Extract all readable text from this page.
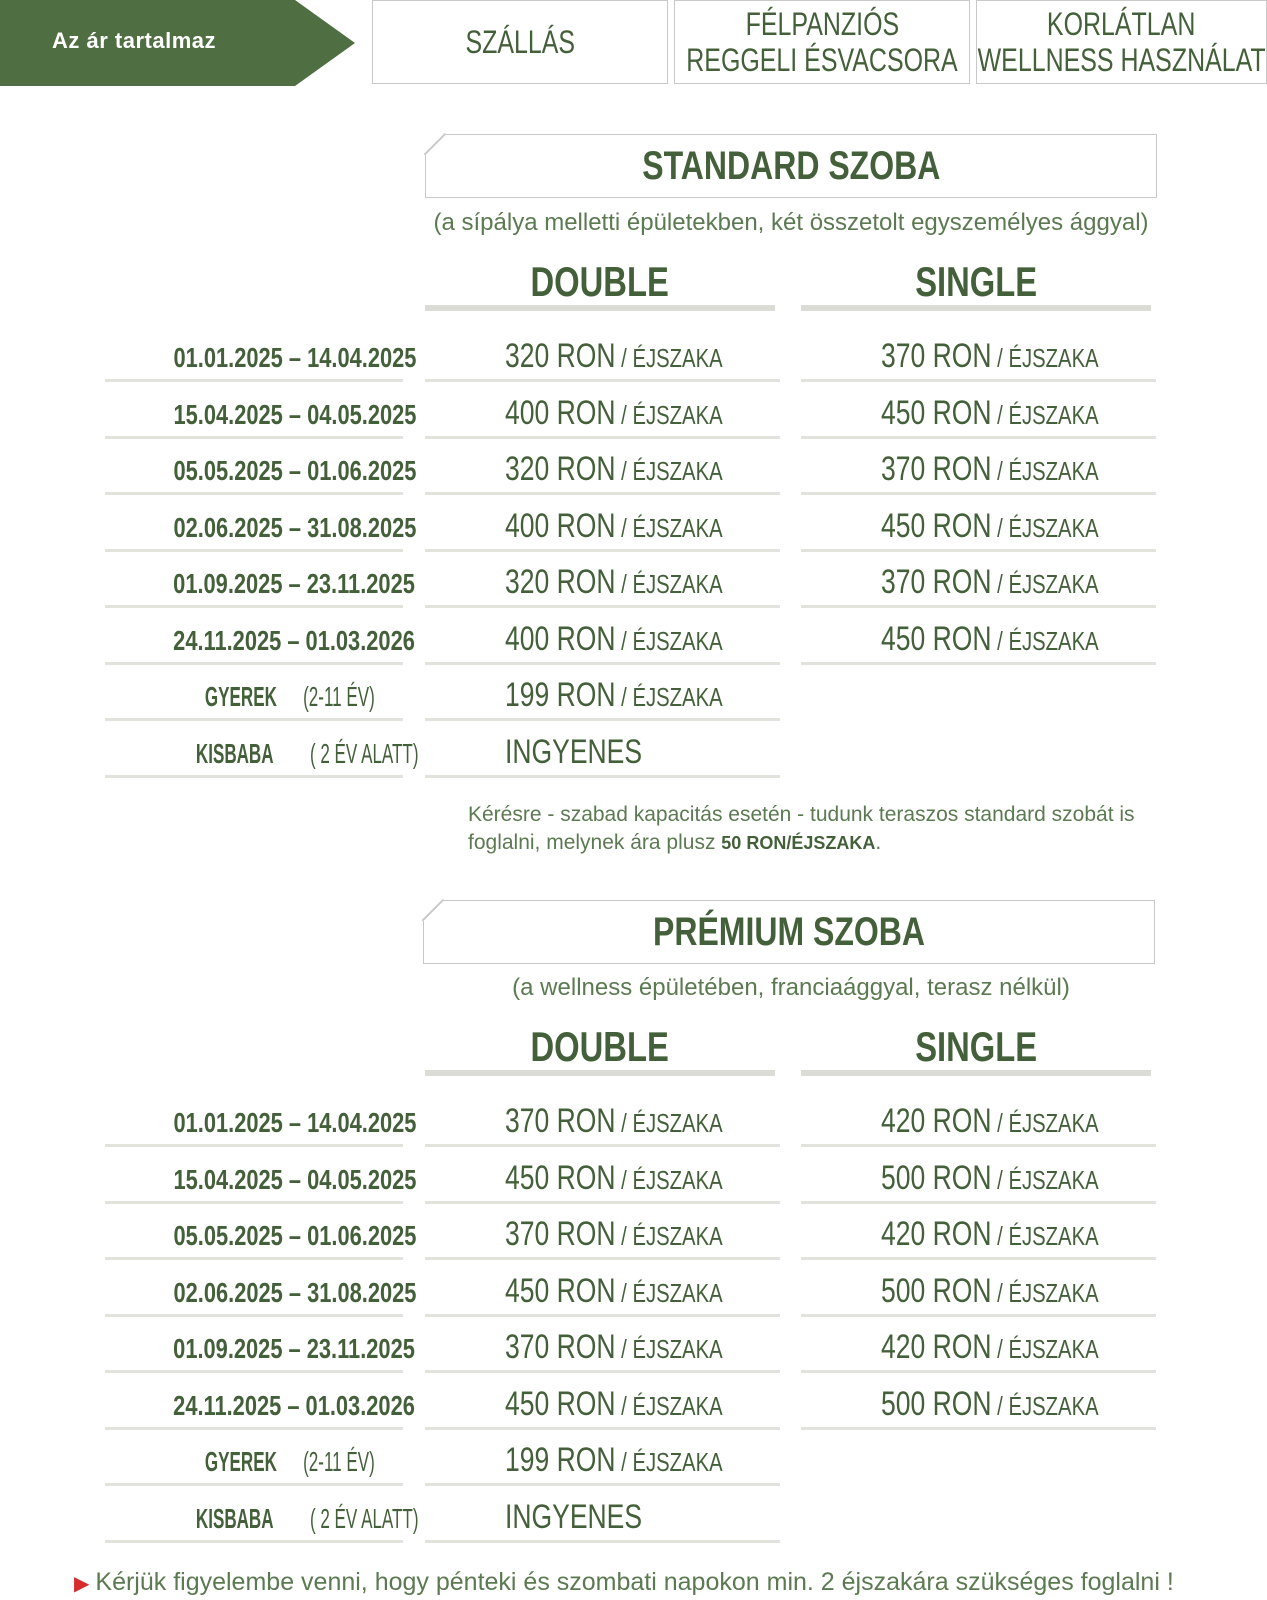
Az ár tartalmaz	SZÁLLÁS	FÉLPANZIÓS
REGGELI ÉSVACSORA
KORLÁTLAN
WELLNESS HASZNÁLAT
STANDARD SZOBA
(a sípálya melletti épületekben, két összetolt egyszemélyes ággyal)
DOUBLE	SINGLE
01.01.2025 – 14.04.2025	320 RON / ÉJSZAKA	370 RON / ÉJSZAKA
15.04.2025 – 04.05.2025	400 RON / ÉJSZAKA	450 RON / ÉJSZAKA
05.05.2025 – 01.06.2025	320 RON / ÉJSZAKA	370 RON / ÉJSZAKA
02.06.2025 – 31.08.2025	400 RON / ÉJSZAKA	450 RON / ÉJSZAKA
01.09.2025 – 23.11.2025	320 RON / ÉJSZAKA	370 RON / ÉJSZAKA
24.11.2025 – 01.03.2026	400 RON / ÉJSZAKA	450 RON / ÉJSZAKA
GYEREK (2-11 ÉV)	199 RON / ÉJSZAKA
KISBABA ( 2 ÉV ALATT)	INGYENES
Kérésre - szabad kapacitás esetén - tudunk teraszos standard szobát is foglalni, melynek ára plusz 50 RON/ÉJSZAKA.
PRÉMIUM SZOBA
(a wellness épületében, franciaággyal, terasz nélkül)
DOUBLE	SINGLE
01.01.2025 – 14.04.2025	370 RON / ÉJSZAKA	420 RON / ÉJSZAKA
15.04.2025 – 04.05.2025	450 RON / ÉJSZAKA	500 RON / ÉJSZAKA
05.05.2025 – 01.06.2025	370 RON / ÉJSZAKA	420 RON / ÉJSZAKA
02.06.2025 – 31.08.2025	450 RON / ÉJSZAKA	500 RON / ÉJSZAKA
01.09.2025 – 23.11.2025	370 RON / ÉJSZAKA	420 RON / ÉJSZAKA
24.11.2025 – 01.03.2026	450 RON / ÉJSZAKA	500 RON / ÉJSZAKA
GYEREK (2-11 ÉV)	199 RON / ÉJSZAKA
KISBABA ( 2 ÉV ALATT)	INGYENES
▶ Kérjük figyelembe venni, hogy pénteki és szombati napokon min. 2 éjszakára szükséges foglalni !
